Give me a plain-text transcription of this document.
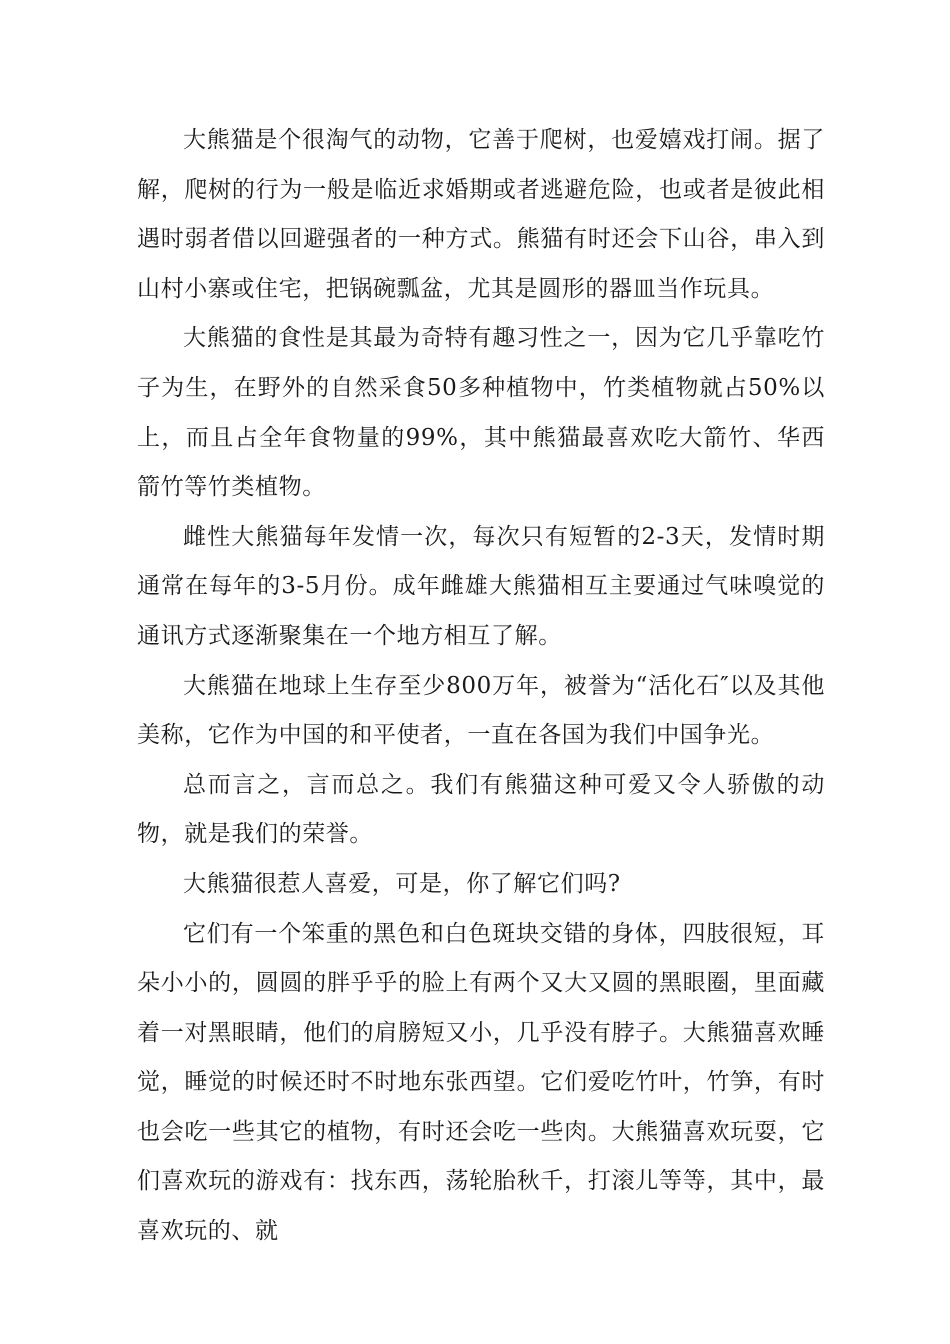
大熊猫是个很淘气的动物，它善于爬树，也爱嬉戏打闹。据了解，爬树的行为一般是临近求婚期或者逃避危险，也或者是彼此相遇时弱者借以回避强者的一种方式。熊猫有时还会下山谷，串入到山村小寨或住宅，把锅碗瓢盆，尤其是圆形的器皿当作玩具。

大熊猫的食性是其最为奇特有趣习性之一，因为它几乎靠吃竹子为生，在野外的自然采食50多种植物中，竹类植物就占50%以上，而且占全年食物量的99%，其中熊猫最喜欢吃大箭竹、华西箭竹等竹类植物。

雌性大熊猫每年发情一次，每次只有短暂的2-3天，发情时期通常在每年的3-5月份。成年雌雄大熊猫相互主要通过气味嗅觉的通讯方式逐渐聚集在一个地方相互了解。

大熊猫在地球上生存至少800万年，被誉为“活化石″以及其他美称，它作为中国的和平使者，一直在各国为我们中国争光。

总而言之，言而总之。我们有熊猫这种可爱又令人骄傲的动物，就是我们的荣誉。

大熊猫很惹人喜爱，可是，你了解它们吗?

它们有一个笨重的黑色和白色斑块交错的身体，四肢很短，耳朵小小的，圆圆的胖乎乎的脸上有两个又大又圆的黑眼圈，里面藏着一对黑眼睛，他们的肩膀短又小，几乎没有脖子。大熊猫喜欢睡觉，睡觉的时候还时不时地东张西望。它们爱吃竹叶，竹笋，有时也会吃一些其它的植物，有时还会吃一些肉。大熊猫喜欢玩耍，它们喜欢玩的游戏有：找东西，荡轮胎秋千，打滚儿等等，其中，最喜欢玩的、就
